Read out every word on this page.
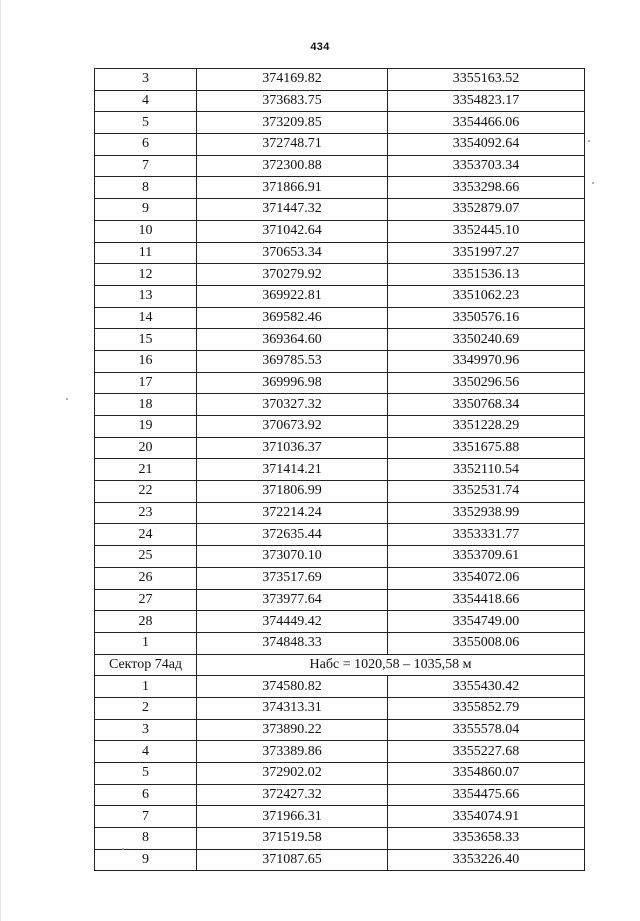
434
3	374169.82	3355163.52
4	373683.75	3354823.17
5	373209.85	3354466.06
6	372748.71	3354092.64
7	372300.88	3353703.34
8	371866.91	3353298.66
9	371447.32	3352879.07
10	371042.64	3352445.10
11	370653.34	3351997.27
12	370279.92	3351536.13
13	369922.81	3351062.23
14	369582.46	3350576.16
15	369364.60	3350240.69
16	369785.53	3349970.96
17	369996.98	3350296.56
18	370327.32	3350768.34
19	370673.92	3351228.29
20	371036.37	3351675.88
21	371414.21	3352110.54
22	371806.99	3352531.74
23	372214.24	3352938.99
24	372635.44	3353331.77
25	373070.10	3353709.61
26	373517.69	3354072.06
27	373977.64	3354418.66
28	374449.42	3354749.00
1	374848.33	3355008.06
Сектор 74ад	Набс = 1020,58 – 1035,58 м	
1	374580.82	3355430.42
2	374313.31	3355852.79
3	373890.22	3355578.04
4	373389.86	3355227.68
5	372902.02	3354860.07
6	372427.32	3354475.66
7	371966.31	3354074.91
8	371519.58	3353658.33
9	371087.65	3353226.40
